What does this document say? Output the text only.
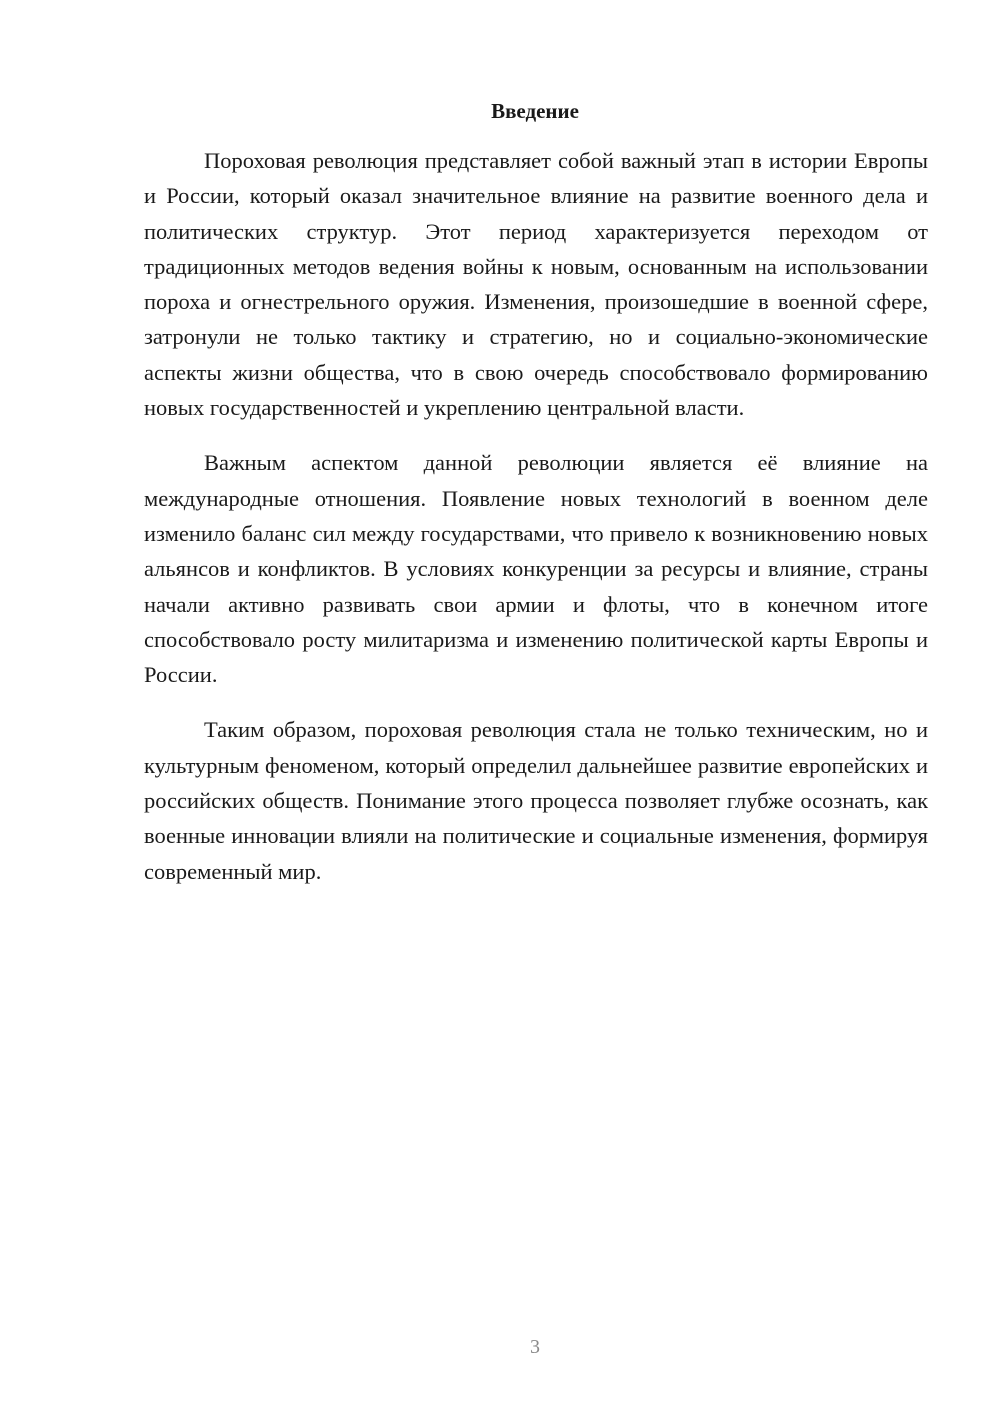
Введение

Пороховая революция представляет собой важный этап в истории Европы и России, который оказал значительное влияние на развитие военного дела и политических структур. Этот период характеризуется переходом от традиционных методов ведения войны к новым, основанным на использовании пороха и огнестрельного оружия. Изменения, произошедшие в военной сфере, затронули не только тактику и стратегию, но и социально-экономические аспекты жизни общества, что в свою очередь способствовало формированию новых государственностей и укреплению центральной власти.

Важным аспектом данной революции является её влияние на международные отношения. Появление новых технологий в военном деле изменило баланс сил между государствами, что привело к возникновению новых альянсов и конфликтов. В условиях конкуренции за ресурсы и влияние, страны начали активно развивать свои армии и флоты, что в конечном итоге способствовало росту милитаризма и изменению политической карты Европы и России.

Таким образом, пороховая революция стала не только техническим, но и культурным феноменом, который определил дальнейшее развитие европейских и российских обществ. Понимание этого процесса позволяет глубже осознать, как военные инновации влияли на политические и социальные изменения, формируя современный мир.

3
